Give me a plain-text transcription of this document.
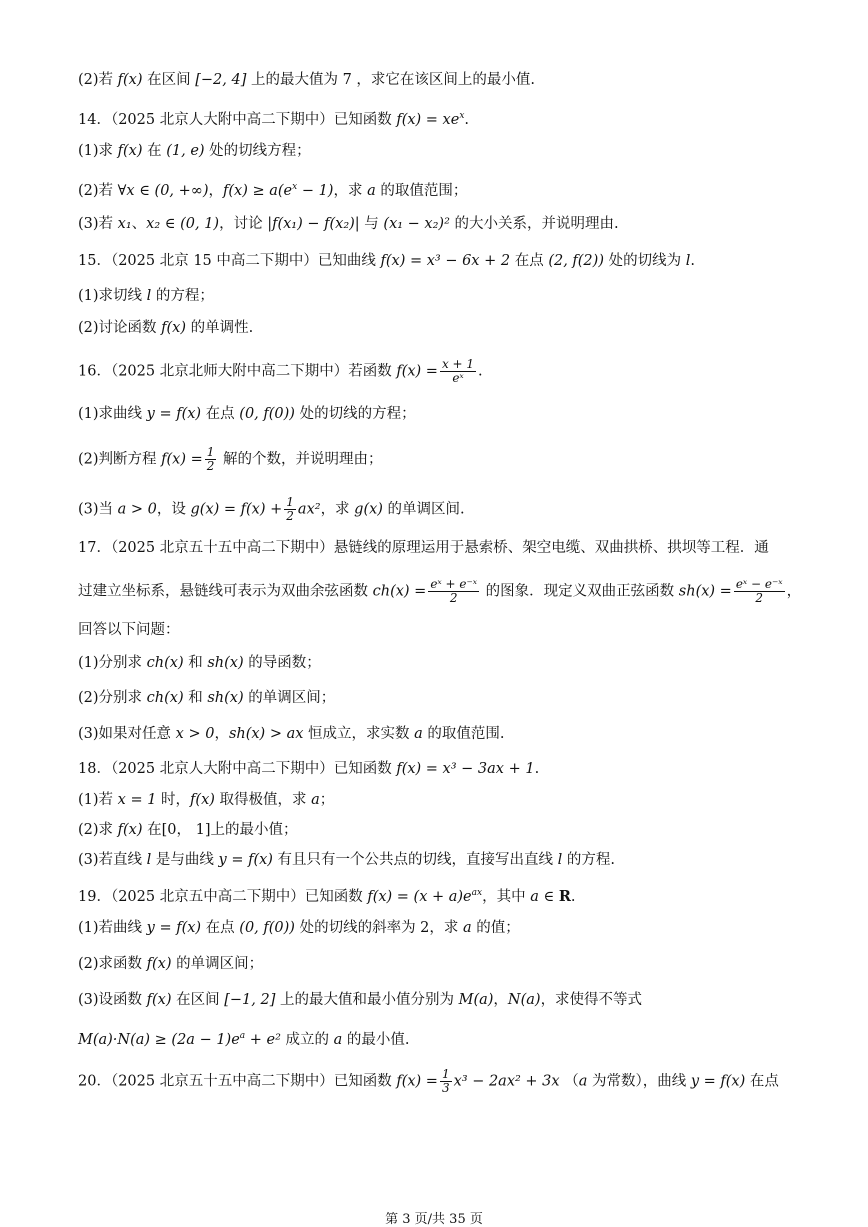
(2)若 f(x) 在区间 [−2, 4] 上的最大值为 7 ，求它在该区间上的最小值.
14．（2025 北京人大附中高二下期中）已知函数 $f(x) = xe^x$.
(1)求 f(x) 在 (1, e) 处的切线方程；
(2)若 ∀x ∈ (0, +∞)，$f(x) \ge a(e^x - 1)$，求 a 的取值范围；
(3)若 x₁、x₂ ∈ (0, 1)，讨论 |f(x₁) − f(x₂)| 与 (x₁ − x₂)² 的大小关系，并说明理由.
15．（2025 北京 15 中高二下期中）已知曲线 f(x) = x³ − 6x + 2 在点 (2, f(2)) 处的切线为 l.
(1)求切线 l 的方程；
(2)讨论函数 f(x) 的单调性.
16．（2025 北京北师大附中高二下期中）若函数 $f(x) = \frac{x + 1}{\text{eˣ}}$ .
(1)求曲线 y = f(x) 在点 (0, f(0)) 处的切线的方程；
(2)判断方程 $f(x) = \frac{1}{2}$ 解的个数，并说明理由；
(3)当 a > 0，设 $g(x) = f(x) + \frac{1}{2} ax^2$，求 g(x) 的单调区间.
17．（2025 北京五十五中高二下期中）悬链线的原理运用于悬索桥、架空电缆、双曲拱桥、拱坝等工程．通
过建立坐标系，悬链线可表示为双曲余弦函数 $ch(x) = \frac{\text{eˣ + e⁻ˣ}}{2}$ 的图象．现定义双曲正弦函数 $sh(x) = \frac{\text{eˣ − e⁻ˣ}}{2}$ ，
回答以下问题：
(1)分别求 ch(x) 和 sh(x) 的导函数；
(2)分别求 ch(x) 和 sh(x) 的单调区间；
(3)如果对任意 x > 0，sh(x) > ax 恒成立，求实数 a 的取值范围.
18．（2025 北京人大附中高二下期中）已知函数 f(x) = x³ − 3ax + 1.
(1)若 x = 1 时，f(x) 取得极值，求 a；
(2)求 f(x) 在[0， 1]上的最小值；
(3)若直线 l 是与曲线 y = f(x) 有且只有一个公共点的切线，直接写出直线 l 的方程.
19．（2025 北京五中高二下期中）已知函数 $f(x) = (x + a)e^{ax}$，其中 a ∈ R.
(1)若曲线 y = f(x) 在点 (0, f(0)) 处的切线的斜率为 2，求 a 的值；
(2)求函数 f(x) 的单调区间；
(3)设函数 f(x) 在区间 [−1, 2] 上的最大值和最小值分别为 M(a)，N(a)，求使得不等式
$M(a)\cdot N(a) \ge (2a - 1)e^a + e^2$ 成立的 a 的最小值.
20．（2025 北京五十五中高二下期中）已知函数 $f(x) = \frac{1}{3} x^3 - 2ax^2 + 3x$ （a 为常数），曲线 y = f(x) 在点
第 3 页/共 35 页
